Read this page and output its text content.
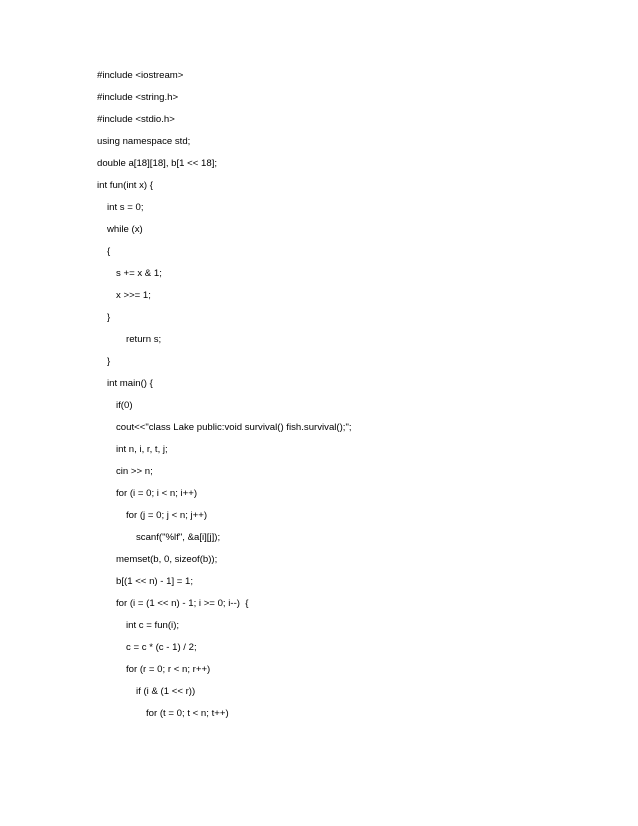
#include <iostream>
#include <string.h>
#include <stdio.h>
using namespace std;
double a[18][18], b[1 << 18];
int fun(int x) {
int s = 0;
while (x)
{
s += x & 1;
x >>= 1;
}
return s;
}
int main() {
if(0)
cout<<"class Lake public:void survival() fish.survival();";
int n, i, r, t, j;
cin >> n;
for (i = 0; i < n; i++)
for (j = 0; j < n; j++)
scanf("%lf", &a[i][j]);
memset(b, 0, sizeof(b));
b[(1 << n) - 1] = 1;
for (i = (1 << n) - 1; i >= 0; i--)  {
int c = fun(i);
c = c * (c - 1) / 2;
for (r = 0; r < n; r++)
if (i & (1 << r))
for (t = 0; t < n; t++)
